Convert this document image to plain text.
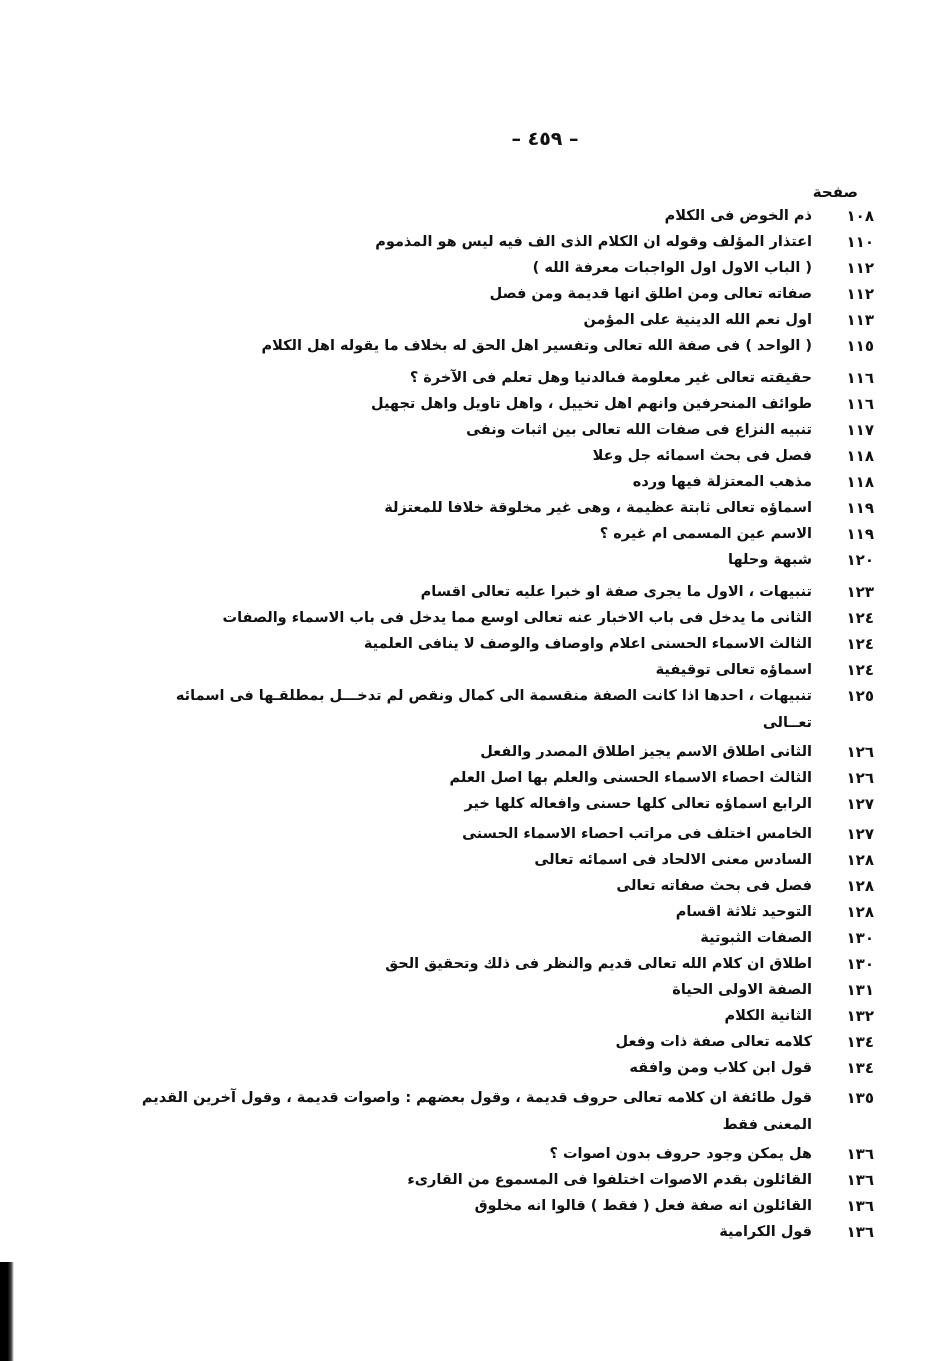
– ٤٥٩ –
صفحة
١٠٨
ذم الخوض فى الكلام
١١٠
اعتذار المؤلف وقوله ان الكلام الذى الف فيه ليس هو المذموم
١١٢
( الباب الاول اول الواجبات معرفة الله )
١١٢
صفاته تعالى ومن اطلق انها قديمة ومن فصل
١١٣
اول نعم الله الدينية على المؤمن
١١٥
( الواحد ) فى صفة الله تعالى وتفسير اهل الحق له بخلاف ما يقوله اهل الكلام
١١٦
حقيقته تعالى غير معلومة فىالدنيا وهل تعلم فى الآخرة ؟
١١٦
طوائف المنحرفين وانهم اهل تخييل ، واهل تاويل واهل تجهيل
١١٧
تنبيه النزاع فى صفات الله تعالى بين اثبات ونفى
١١٨
فصل فى بحث اسمائه جل وعلا
١١٨
مذهب المعتزلة فيها ورده
١١٩
اسماؤه تعالى ثابتة عظيمة ، وهى غير مخلوقة خلافا للمعتزلة
١١٩
الاسم عين المسمى ام غيره ؟
١٢٠
شبهة وحلها
١٢٣
تنبيهات ، الاول ما يجرى صفة او خبرا عليه تعالى اقسام
١٢٤
الثانى ما يدخل فى باب الاخبار عنه تعالى اوسع مما يدخل فى باب الاسماء والصفات
١٢٤
الثالث الاسماء الحسنى اعلام واوصاف والوصف لا ينافى العلمية
١٢٤
اسماؤه تعالى توقيفية
١٢٥
تنبيهات ، احدها اذا كانت الصفة منقسمة الى كمال ونقص لم تدخـــل بمطلقـها فى اسمائه تعــالى
١٢٦
الثانى اطلاق الاسم يجيز اطلاق المصدر والفعل
١٢٦
الثالث احصاء الاسماء الحسنى والعلم بها اصل العلم
١٢٧
الرابع اسماؤه تعالى كلها حسنى وافعاله كلها خير
١٢٧
الخامس اختلف فى مراتب احصاء الاسماء الحسنى
١٢٨
السادس معنى الالحاد فى اسمائه تعالى
١٢٨
فصل فى بحث صفاته تعالى
١٢٨
التوحيد ثلاثة اقسام
١٣٠
الصفات الثبوتية
١٣٠
اطلاق ان كلام الله تعالى قديم والنظر فى ذلك وتحقيق الحق
١٣١
الصفة الاولى الحياة
١٣٢
الثانية الكلام
١٣٤
كلامه تعالى صفة ذات وفعل
١٣٤
قول ابن كلاب ومن وافقه
١٣٥
قول طائفة ان كلامه تعالى حروف قديمة ، وقول بعضهم : واصوات قديمة ، وقول آخرين القديم المعنى فقط
١٣٦
هل يمكن وجود حروف بدون اصوات ؟
١٣٦
القائلون بقدم الاصوات اختلفوا فى المسموع من القارىء
١٣٦
القائلون انه صفة فعل ( فقط ) قالوا انه مخلوق
١٣٦
قول الكرامية
